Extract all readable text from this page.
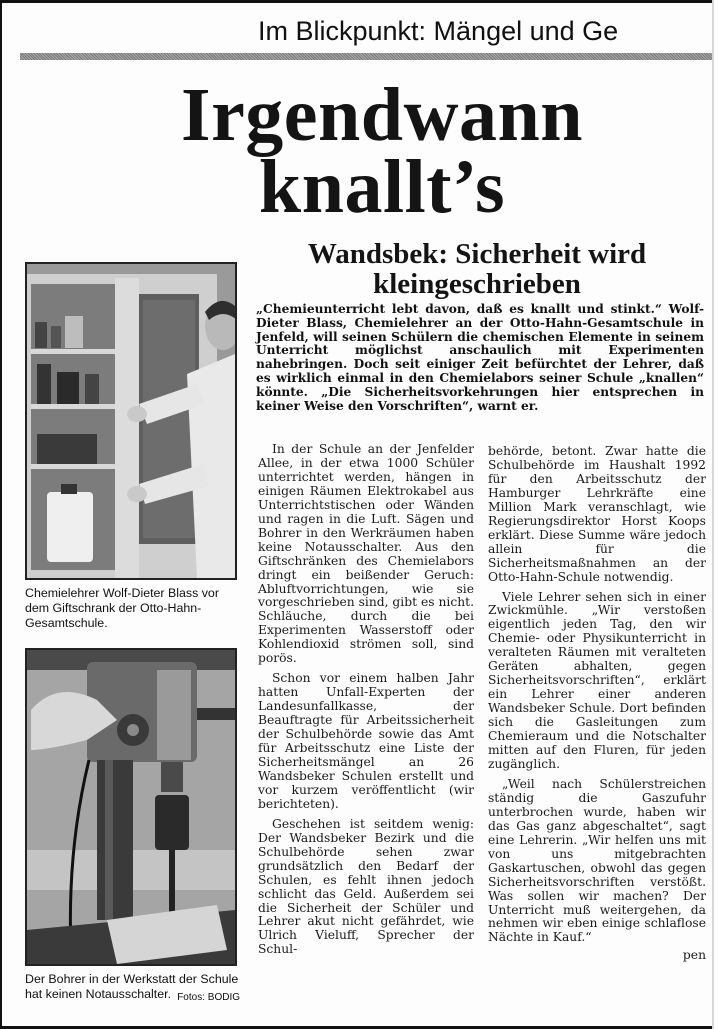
Im Blickpunkt: Mängel und Ge
Irgendwann knallt’s
Wandsbek: Sicherheit wird kleingeschrieben

„Chemieunterricht lebt davon, daß es knallt und stinkt.“ Wolf-Dieter Blass, Chemielehrer an der Otto-Hahn-Gesamtschule in Jenfeld, will seinen Schülern die chemischen Elemente in seinem Unterricht möglichst anschaulich mit Experimenten nahebringen. Doch seit einiger Zeit befürchtet der Lehrer, daß es wirklich einmal in den Chemielabors seiner Schule „knallen“ könnte. „Die Sicherheitsvorkehrungen hier entsprechen in keiner Weise den Vorschriften“, warnt er.

Chemielehrer Wolf-Dieter Blass vor dem Giftschrank der Otto-Hahn-Gesamtschule.

Der Bohrer in der Werkstatt der Schule hat keinen Notausschalter. Fotos: BODIG

In der Schule an der Jenfelder Allee, in der etwa 1000 Schüler unterrichtet werden, hängen in einigen Räumen Elektrokabel aus Unterrichtstischen oder Wänden und ragen in die Luft. Sägen und Bohrer in den Werkräumen haben keine Notausschalter. Aus den Giftschränken des Chemielabors dringt ein beißender Geruch: Abluftvorrichtungen, wie sie vorgeschrieben sind, gibt es nicht. Schläuche, durch die bei Experimenten Wasserstoff oder Kohlendioxid strömen soll, sind porös.

Schon vor einem halben Jahr hatten Unfall-Experten der Landesunfallkasse, der Beauftragte für Arbeitssicherheit der Schulbehörde sowie das Amt für Arbeitsschutz eine Liste der Sicherheitsmängel an 26 Wandsbeker Schulen erstellt und vor kurzem veröffentlicht (wir berichteten).

Geschehen ist seitdem wenig: Der Wandsbeker Bezirk und die Schulbehörde sehen zwar grundsätzlich den Bedarf der Schulen, es fehlt ihnen jedoch schlicht das Geld. Außerdem sei die Sicherheit der Schüler und Lehrer akut nicht gefährdet, wie Ulrich Vieluff, Sprecher der Schul-

behörde, betont. Zwar hatte die Schulbehörde im Haushalt 1992 für den Arbeitsschutz der Hamburger Lehrkräfte eine Million Mark veranschlagt, wie Regierungsdirektor Horst Koops erklärt. Diese Summe wäre jedoch allein für die Sicherheitsmaßnahmen an der Otto-Hahn-Schule notwendig.

Viele Lehrer sehen sich in einer Zwickmühle. „Wir verstoßen eigentlich jeden Tag, den wir Chemie- oder Physikunterricht in veralteten Räumen mit veralteten Geräten abhalten, gegen Sicherheitsvorschriften“, erklärt ein Lehrer einer anderen Wandsbeker Schule. Dort befinden sich die Gasleitungen zum Chemieraum und die Notschalter mitten auf den Fluren, für jeden zugänglich.

„Weil nach Schülerstreichen ständig die Gaszufuhr unterbrochen wurde, haben wir das Gas ganz abgeschaltet“, sagt eine Lehrerin. „Wir helfen uns mit von uns mitgebrachten Gaskartuschen, obwohl das gegen Sicherheitsvorschriften verstößt. Was sollen wir machen? Der Unterricht muß weitergehen, da nehmen wir eben einige schlaflose Nächte in Kauf.“

pen
